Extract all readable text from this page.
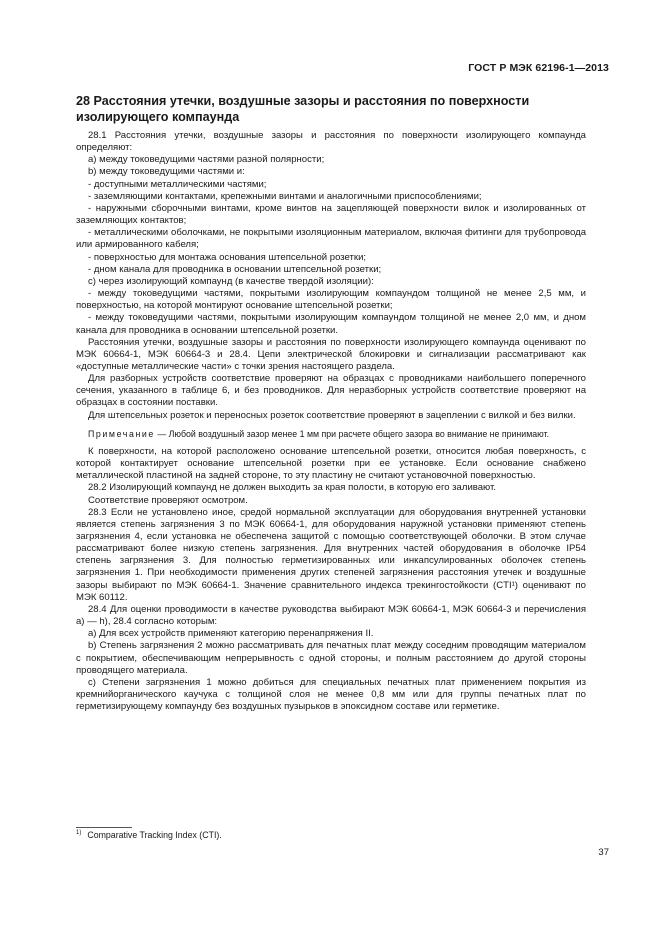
ГОСТ Р МЭК 62196-1—2013
28 Расстояния утечки, воздушные зазоры и расстояния по поверхности изолирующего компаунда

28.1 Расстояния утечки, воздушные зазоры и расстояния по поверхности изолирующего компаунда определяют:

а) между токоведущими частями разной полярности;

b) между токоведущими частями и:

- доступными металлическими частями;

- заземляющими контактами, крепежными винтами и аналогичными приспособлениями;

- наружными сборочными винтами, кроме винтов на зацепляющей поверхности вилок и изолированных от заземляющих контактов;

- металлическими оболочками, не покрытыми изоляционным материалом, включая фитинги для трубопровода или армированного кабеля;

- поверхностью для монтажа основания штепсельной розетки;

- дном канала для проводника в основании штепсельной розетки;

с) через изолирующий компаунд (в качестве твердой изоляции):

- между токоведущими частями, покрытыми изолирующим компаундом толщиной не менее 2,5 мм, и поверхностью, на которой монтируют основание штепсельной розетки;

- между токоведущими частями, покрытыми изолирующим компаундом толщиной не менее 2,0 мм, и дном канала для проводника в основании штепсельной розетки.

Расстояния утечки, воздушные зазоры и расстояния по поверхности изолирующего компаунда оценивают по МЭК 60664-1, МЭК 60664-3 и 28.4. Цепи электрической блокировки и сигнализации рассматривают как «доступные металлические части» с точки зрения настоящего раздела.

Для разборных устройств соответствие проверяют на образцах с проводниками наибольшего поперечного сечения, указанного в таблице 6, и без проводников. Для неразборных устройств соответствие проверяют на образцах в состоянии поставки.

Для штепсельных розеток и переносных розеток соответствие проверяют в зацеплении с вилкой и без вилки.

Примечание — Любой воздушный зазор менее 1 мм при расчете общего зазора во внимание не принимают.

К поверхности, на которой расположено основание штепсельной розетки, относится любая поверхность, с которой контактирует основание штепсельной розетки при ее установке. Если основание снабжено металлической пластиной на задней стороне, то эту пластину не считают установочной поверхностью.

28.2 Изолирующий компаунд не должен выходить за края полости, в которую его заливают.

Соответствие проверяют осмотром.

28.3 Если не установлено иное, средой нормальной эксплуатации для оборудования внутренней установки является степень загрязнения 3 по МЭК 60664-1, для оборудования наружной установки применяют степень загрязнения 4, если установка не обеспечена защитой с помощью соответствующей оболочки. В этом случае рассматривают более низкую степень загрязнения. Для внутренних частей оборудования в оболочке IP54 степень загрязнения 3. Для полностью герметизированных или инкапсулированных оболочек степень загрязнения 1. При необходимости применения других степеней загрязнения расстояния утечек и воздушные зазоры выбирают по МЭК 60664-1. Значение сравнительного индекса трекингостойкости (CTI¹) оценивают по МЭК 60112.

28.4 Для оценки проводимости в качестве руководства выбирают МЭК 60664-1, МЭК 60664-3 и перечисления а) — h), 28.4 согласно которым:

а) Для всех устройств применяют категорию перенапряжения II.

b) Степень загрязнения 2 можно рассматривать для печатных плат между соседним проводящим материалом с покрытием, обеспечивающим непрерывность с одной стороны, и полным расстоянием до другой стороны проводящего материала.

с) Степени загрязнения 1 можно добиться для специальных печатных плат применением покрытия из кремнийорганического каучука с толщиной слоя не менее 0,8 мм или для группы печатных плат по герметизирующему компаунду без воздушных пузырьков в эпоксидном составе или герметике.

$^{1)}$ Comparative Tracking Index (CTI).
37
